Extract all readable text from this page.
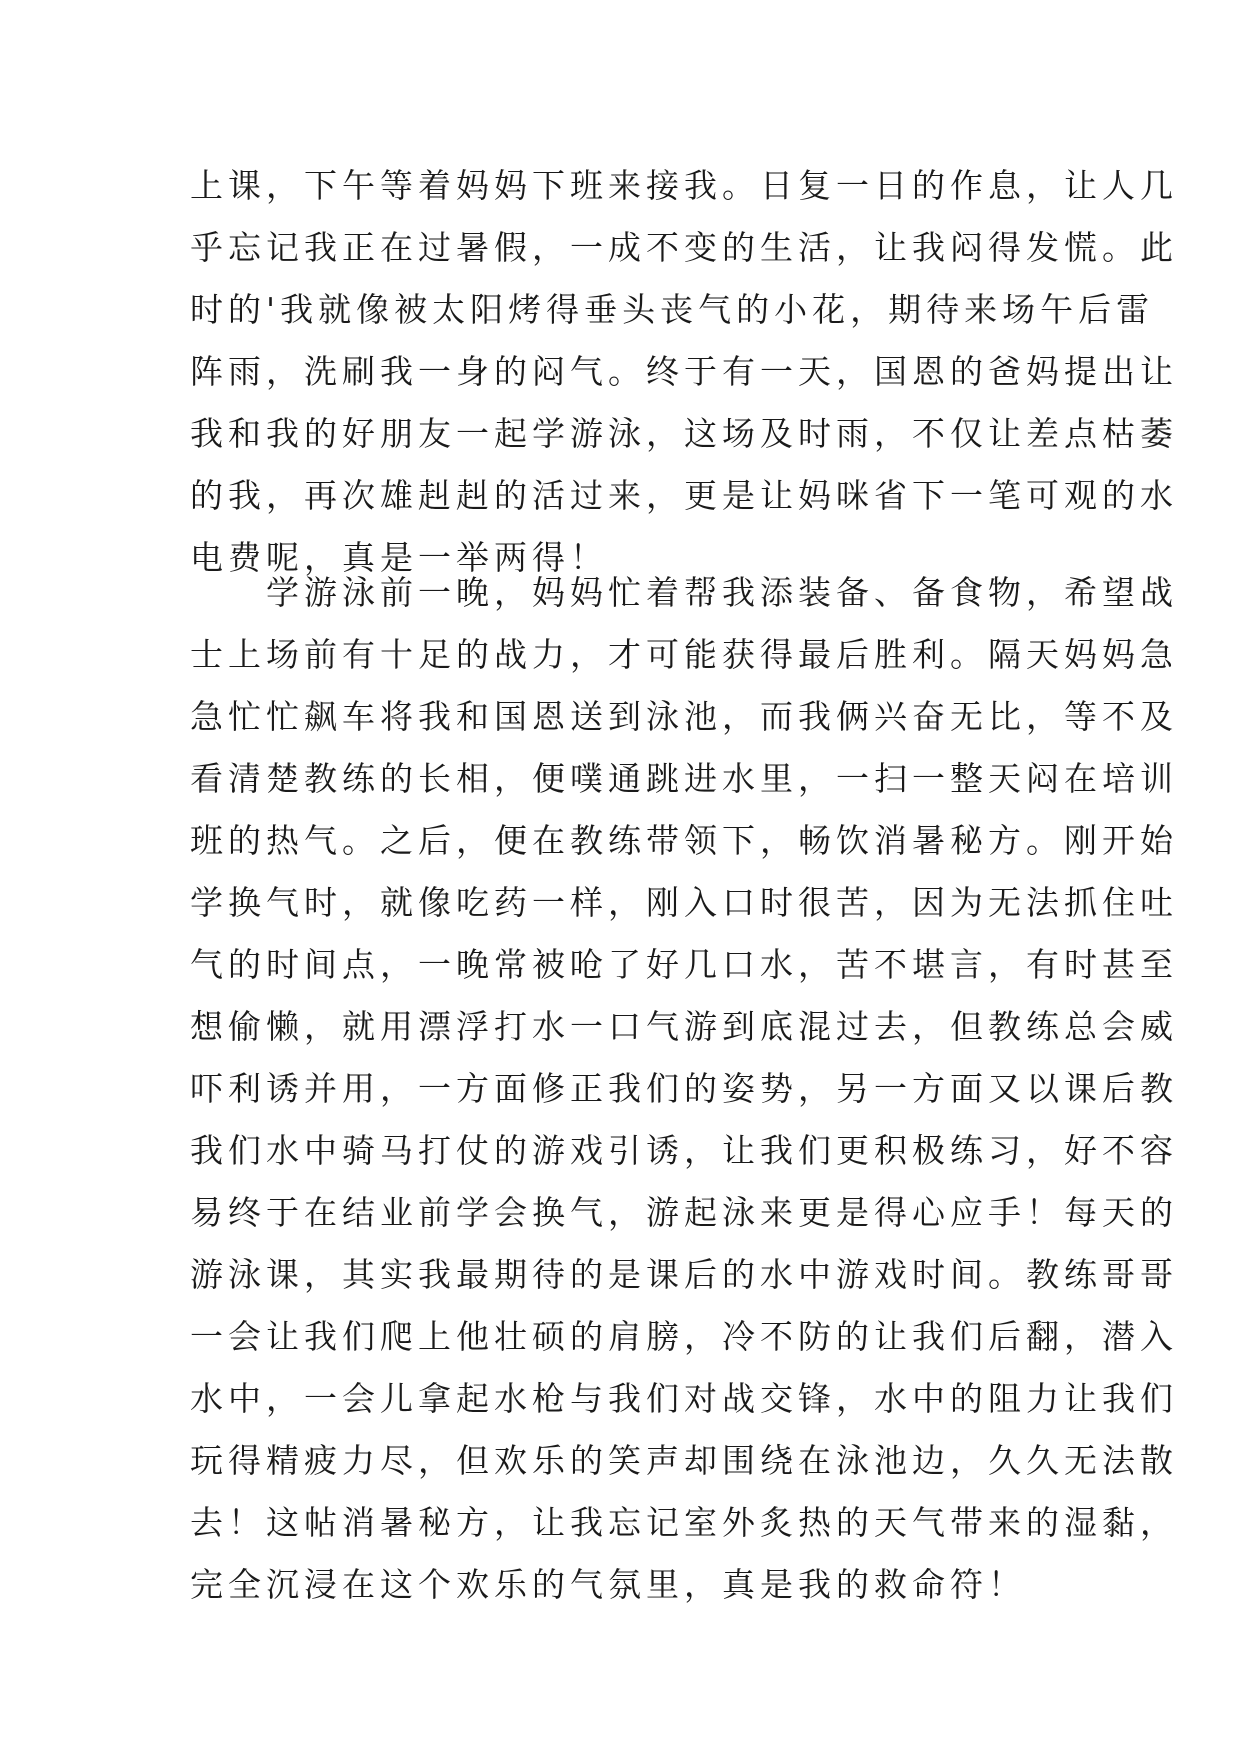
上课，下午等着妈妈下班来接我。日复一日的作息，让人几
乎忘记我正在过暑假，一成不变的生活，让我闷得发慌。此
时的'我就像被太阳烤得垂头丧气的小花，期待来场午后雷
阵雨，洗刷我一身的闷气。终于有一天，国恩的爸妈提出让
我和我的好朋友一起学游泳，这场及时雨，不仅让差点枯萎
的我，再次雄赳赳的活过来，更是让妈咪省下一笔可观的水
电费呢，真是一举两得！
　　学游泳前一晚，妈妈忙着帮我添装备、备食物，希望战
士上场前有十足的战力，才可能获得最后胜利。隔天妈妈急
急忙忙飙车将我和国恩送到泳池，而我俩兴奋无比，等不及
看清楚教练的长相，便噗通跳进水里，一扫一整天闷在培训
班的热气。之后，便在教练带领下，畅饮消暑秘方。刚开始
学换气时，就像吃药一样，刚入口时很苦，因为无法抓住吐
气的时间点，一晚常被呛了好几口水，苦不堪言，有时甚至
想偷懒，就用漂浮打水一口气游到底混过去，但教练总会威
吓利诱并用，一方面修正我们的姿势，另一方面又以课后教
我们水中骑马打仗的游戏引诱，让我们更积极练习，好不容
易终于在结业前学会换气，游起泳来更是得心应手！每天的
游泳课，其实我最期待的是课后的水中游戏时间。教练哥哥
一会让我们爬上他壮硕的肩膀，冷不防的让我们后翻，潜入
水中，一会儿拿起水枪与我们对战交锋，水中的阻力让我们
玩得精疲力尽，但欢乐的笑声却围绕在泳池边，久久无法散
去！这帖消暑秘方，让我忘记室外炙热的天气带来的湿黏，
完全沉浸在这个欢乐的气氛里，真是我的救命符！
